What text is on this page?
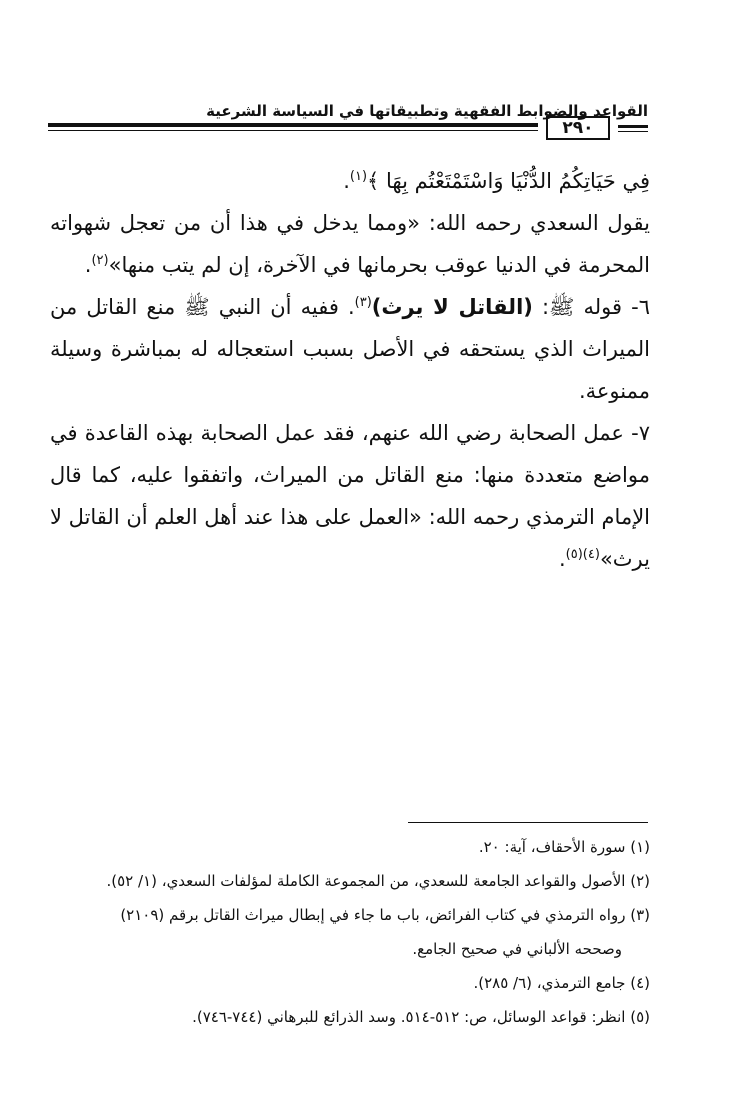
٢٩٠
القواعد والضوابط الفقهية وتطبيقاتها في السياسة الشرعية

فِي حَيَاتِكُمُ الدُّنْيَا وَاسْتَمْتَعْتُم بِهَا ﴾$^{(١)}$.

يقول السعدي رحمه الله: «ومما يدخل في هذا أن من تعجل شهواته المحرمة في الدنيا عوقب بحرمانها في الآخرة، إن لم يتب منها»$^{(٢)}$.

٦- قوله ﷺ: (القاتل لا يرث)$^{(٣)}$. ففيه أن النبي ﷺ منع القاتل من الميراث الذي يستحقه في الأصل بسبب استعجاله له بمباشرة وسيلة ممنوعة.

٧- عمل الصحابة رضي الله عنهم، فقد عمل الصحابة بهذه القاعدة في مواضع متعددة منها: منع القاتل من الميراث، واتفقوا عليه، كما قال الإمام الترمذي رحمه الله: «العمل على هذا عند أهل العلم أن القاتل لا يرث»$^{(٤)(٥)}$.

(١) سورة الأحقاف، آية: ٢٠.

(٢) الأصول والقواعد الجامعة للسعدي، من المجموعة الكاملة لمؤلفات السعدي، (١/ ٥٢).

(٣) رواه الترمذي في كتاب الفرائض، باب ما جاء في إبطال ميراث القاتل برقم (٢١٠٩)

وصححه الألباني في صحيح الجامع.

(٤) جامع الترمذي، (٦/ ٢٨٥).

(٥) انظر: قواعد الوسائل، ص: ٥١٢-٥١٤. وسد الذرائع للبرهاني (٧٤٤-٧٤٦).
